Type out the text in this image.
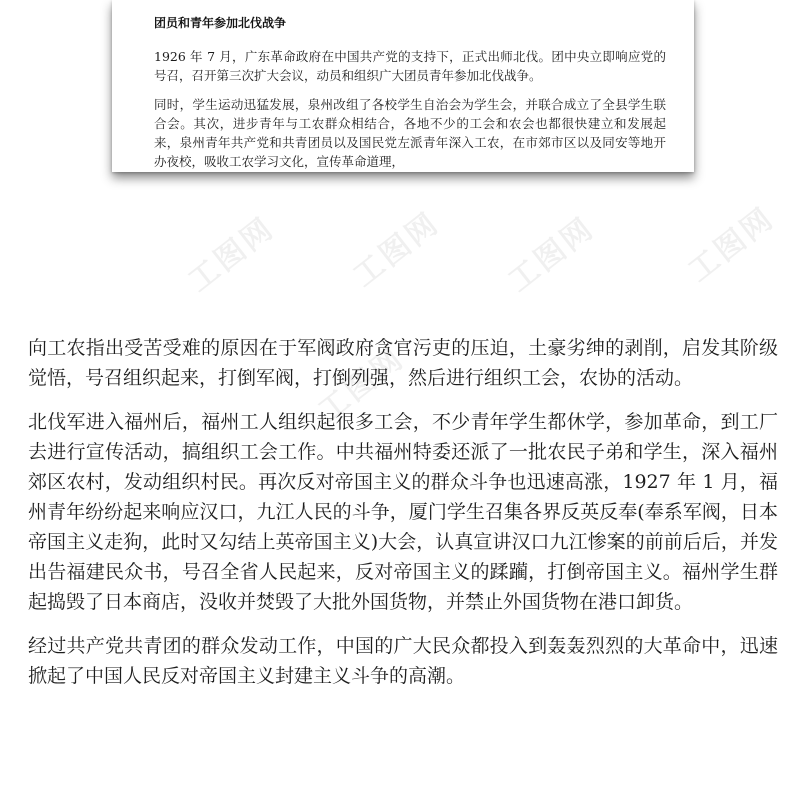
团员和青年参加北伐战争

1926 年 7 月，广东革命政府在中国共产党的支持下，正式出师北伐。团中央立即响应党的号召，召开第三次扩大会议，动员和组织广大团员青年参加北伐战争。

同时，学生运动迅猛发展，泉州改组了各校学生自治会为学生会，并联合成立了全县学生联合会。其次，进步青年与工农群众相结合，各地不少的工会和农会也都很快建立和发展起来，泉州青年共产党和共青团员以及国民党左派青年深入工农，在市郊市区以及同安等地开办夜校，吸收工农学习文化，宣传革命道理，

工图网 工图网 工图网	工图网
工图网

向工农指出受苦受难的原因在于军阀政府贪官污吏的压迫，土豪劣绅的剥削，启发其阶级觉悟，号召组织起来，打倒军阀，打倒列强，然后进行组织工会，农协的活动。

北伐军进入福州后，福州工人组织起很多工会，不少青年学生都休学，参加革命，到工厂去进行宣传活动，搞组织工会工作。中共福州特委还派了一批农民子弟和学生，深入福州郊区农村，发动组织村民。再次反对帝国主义的群众斗争也迅速高涨，1927 年 1 月，福州青年纷纷起来响应汉口，九江人民的斗争，厦门学生召集各界反英反奉(奉系军阀，日本帝国主义走狗，此时又勾结上英帝国主义)大会，认真宣讲汉口九江惨案的前前后后，并发出告福建民众书，号召全省人民起来，反对帝国主义的蹂躏，打倒帝国主义。福州学生群起捣毁了日本商店，没收并焚毁了大批外国货物，并禁止外国货物在港口卸货。

经过共产党共青团的群众发动工作，中国的广大民众都投入到轰轰烈烈的大革命中，迅速掀起了中国人民反对帝国主义封建主义斗争的高潮。
